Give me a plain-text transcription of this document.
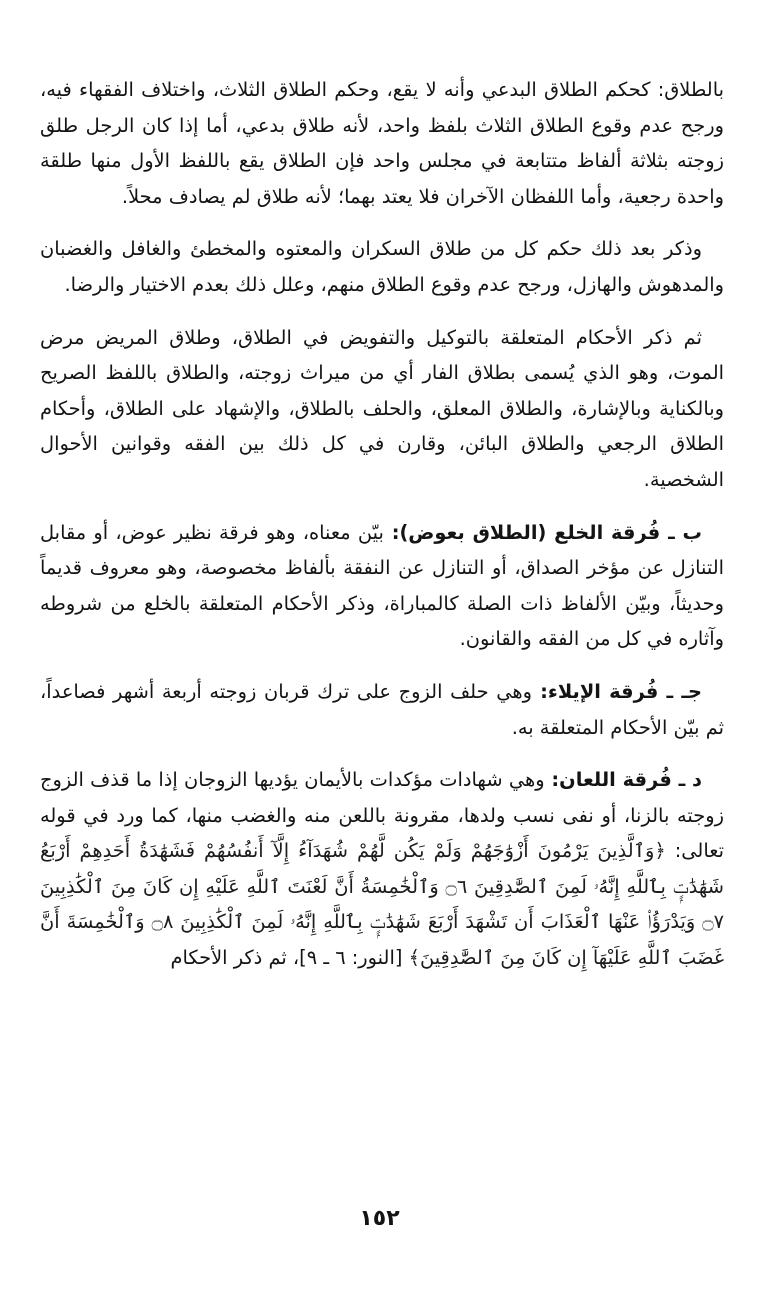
بالطلاق: كحكم الطلاق البدعي وأنه لا يقع، وحكم الطلاق الثلاث، واختلاف الفقهاء فيه، ورجح عدم وقوع الطلاق الثلاث بلفظ واحد، لأنه طلاق بدعي، أما إذا كان الرجل طلق زوجته بثلاثة ألفاظ متتابعة في مجلس واحد فإن الطلاق يقع باللفظ الأول منها طلقة واحدة رجعية، وأما اللفظان الآخران فلا يعتد بهما؛ لأنه طلاق لم يصادف محلاً.

وذكر بعد ذلك حكم كل من طلاق السكران والمعتوه والمخطئ والغافل والغضبان والمدهوش والهازل، ورجح عدم وقوع الطلاق منهم، وعلل ذلك بعدم الاختيار والرضا.

ثم ذكر الأحكام المتعلقة بالتوكيل والتفويض في الطلاق، وطلاق المريض مرض الموت، وهو الذي يُسمى بطلاق الفار أي من ميراث زوجته، والطلاق باللفظ الصريح وبالكناية وبالإشارة، والطلاق المعلق، والحلف بالطلاق، والإشهاد على الطلاق، وأحكام الطلاق الرجعي والطلاق البائن، وقارن في كل ذلك بين الفقه وقوانين الأحوال الشخصية.

ب ـ فُرقة الخلع (الطلاق بعوض): بيّن معناه، وهو فرقة نظير عوض، أو مقابل التنازل عن مؤخر الصداق، أو التنازل عن النفقة بألفاظ مخصوصة، وهو معروف قديماً وحديثاً، وبيّن الألفاظ ذات الصلة كالمباراة، وذكر الأحكام المتعلقة بالخلع من شروطه وآثاره في كل من الفقه والقانون.

جـ ـ فُرقة الإيلاء: وهي حلف الزوج على ترك قربان زوجته أربعة أشهر فصاعداً، ثم بيّن الأحكام المتعلقة به.

د ـ فُرقة اللعان: وهي شهادات مؤكدات بالأيمان يؤديها الزوجان إذا ما قذف الزوج زوجته بالزنا، أو نفى نسب ولدها، مقرونة باللعن منه والغضب منها، كما ورد في قوله تعالى: ﴿وَٱلَّذِينَ يَرْمُونَ أَزْوَٰجَهُمْ وَلَمْ يَكُن لَّهُمْ شُهَدَآءُ إِلَّآ أَنفُسُهُمْ فَشَهَٰدَةُ أَحَدِهِمْ أَرْبَعُ شَهَٰدَٰتٍۭ بِٱللَّهِ إِنَّهُۥ لَمِنَ ٱلصَّٰدِقِينَ ۝٦ وَٱلْخَٰمِسَةُ أَنَّ لَعْنَتَ ٱللَّهِ عَلَيْهِ إِن كَانَ مِنَ ٱلْكَٰذِبِينَ ۝٧ وَيَدْرَؤُا۟ عَنْهَا ٱلْعَذَابَ أَن تَشْهَدَ أَرْبَعَ شَهَٰدَٰتٍۭ بِٱللَّهِ إِنَّهُۥ لَمِنَ ٱلْكَٰذِبِينَ ۝٨ وَٱلْخَٰمِسَةَ أَنَّ غَضَبَ ٱللَّهِ عَلَيْهَآ إِن كَانَ مِنَ ٱلصَّٰدِقِينَ﴾ [النور: ٦ ـ ٩]، ثم ذكر الأحكام

١٥٢
